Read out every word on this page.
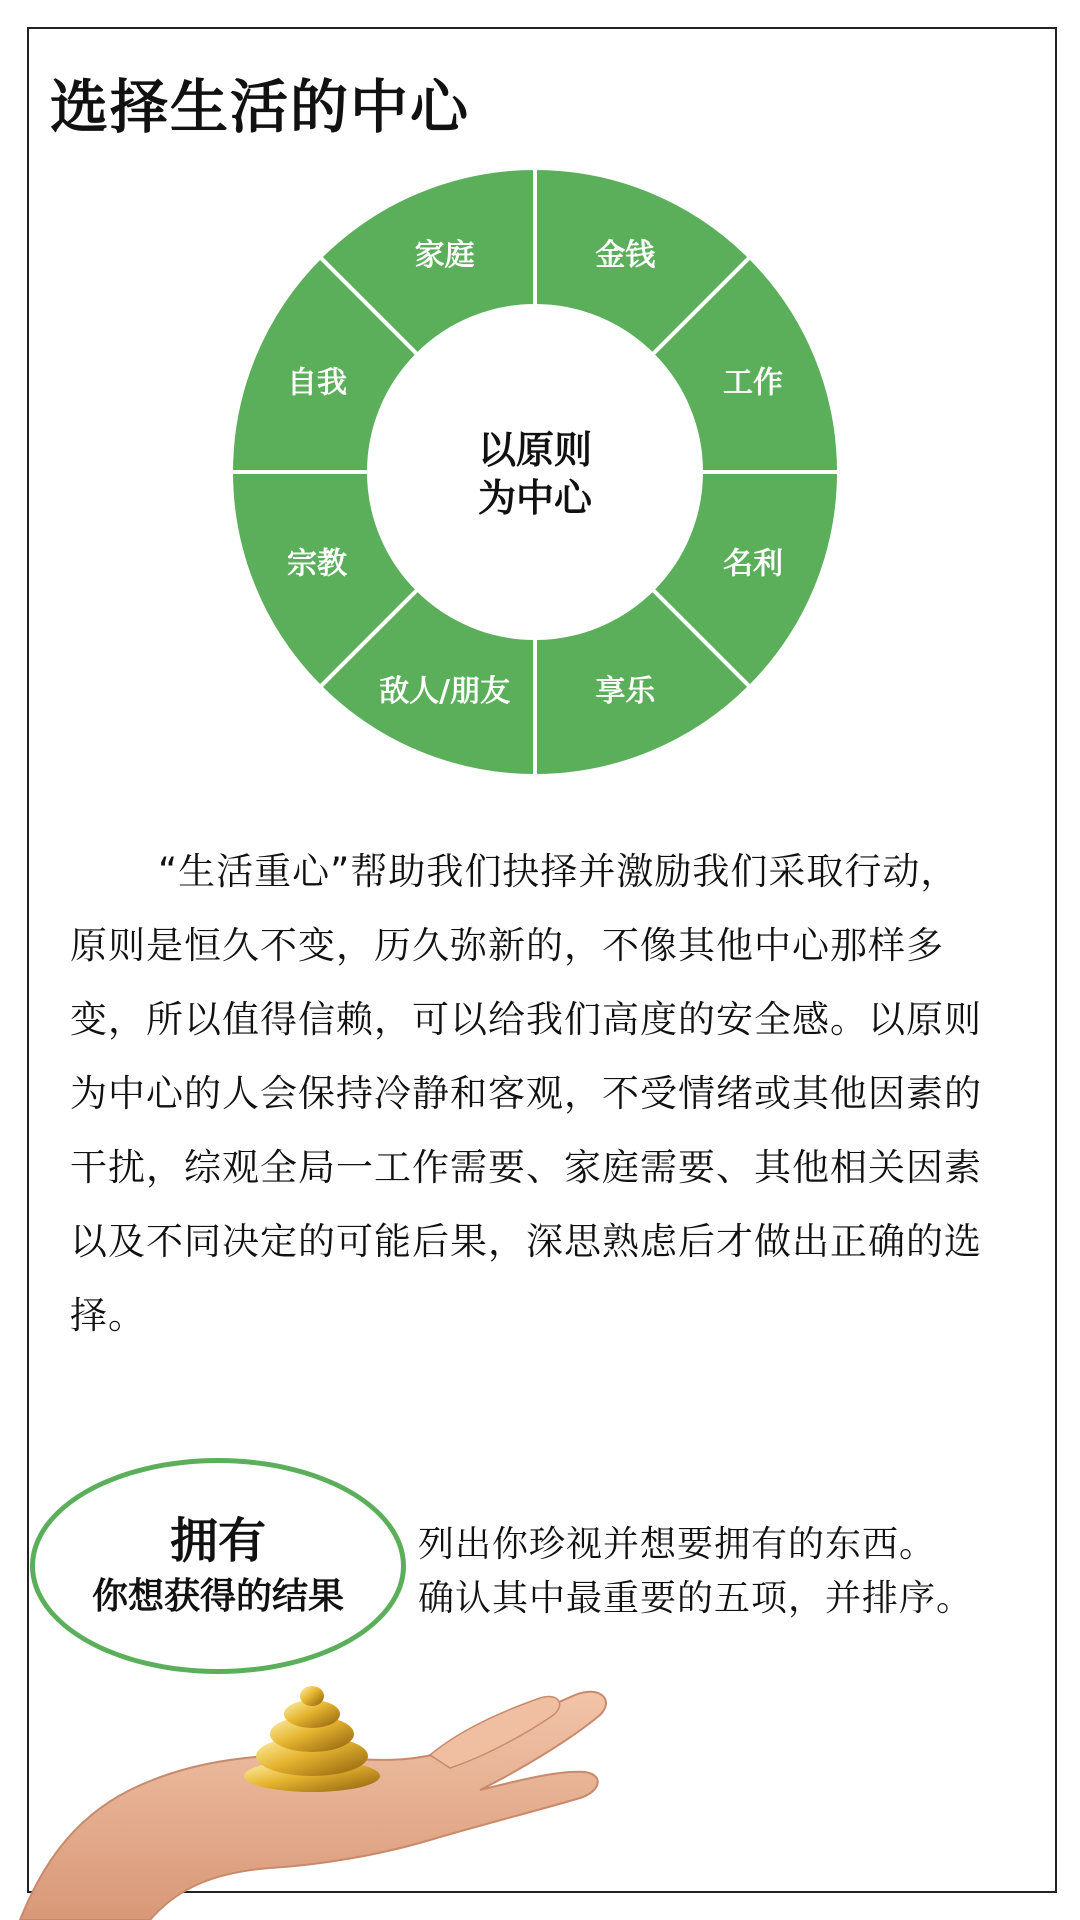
选择生活的中心
金钱
工作
名利
享乐
敌人/朋友
宗教
自我
家庭
以原则
为中心

“生活重心”帮助我们抉择并激励我们采取行动，原则是恒久不变，历久弥新的，不像其他中心那样多变，所以值得信赖，可以给我们高度的安全感。以原则为中心的人会保持冷静和客观，不受情绪或其他因素的干扰，综观全局一工作需要、家庭需要、其他相关因素以及不同决定的可能后果，深思熟虑后才做出正确的选择。

拥有
你想获得的结果

列出你珍视并想要拥有的东西。
确认其中最重要的五项，并排序。
